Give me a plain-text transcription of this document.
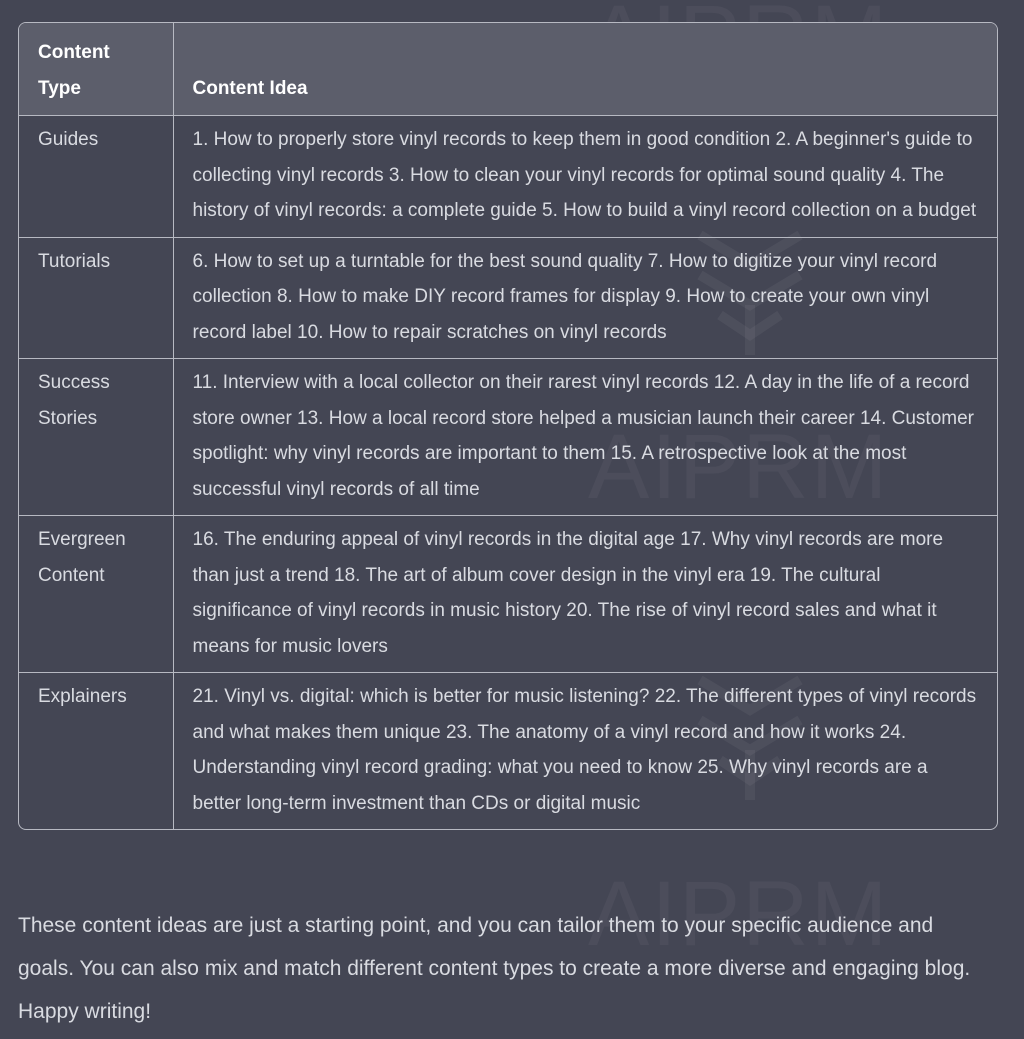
Content Type	Content Idea
Guides	1. How to properly store vinyl records to keep them in good condition 2. A beginner's guide to collecting vinyl records 3. How to clean your vinyl records for optimal sound quality 4. The history of vinyl records: a complete guide 5. How to build a vinyl record collection on a budget
Tutorials	6. How to set up a turntable for the best sound quality 7. How to digitize your vinyl record collection 8. How to make DIY record frames for display 9. How to create your own vinyl record label 10. How to repair scratches on vinyl records
Success Stories	11. Interview with a local collector on their rarest vinyl records 12. A day in the life of a record store owner 13. How a local record store helped a musician launch their career 14. Customer spotlight: why vinyl records are important to them 15. A retrospective look at the most successful vinyl records of all time
Evergreen Content	16. The enduring appeal of vinyl records in the digital age 17. Why vinyl records are more than just a trend 18. The art of album cover design in the vinyl era 19. The cultural significance of vinyl records in music history 20. The rise of vinyl record sales and what it means for music lovers
Explainers	21. Vinyl vs. digital: which is better for music listening? 22. The different types of vinyl records and what makes them unique 23. The anatomy of a vinyl record and how it works 24. Understanding vinyl record grading: what you need to know 25. Why vinyl records are a better long-term investment than CDs or digital music

These content ideas are just a starting point, and you can tailor them to your specific audience and goals. You can also mix and match different content types to create a more diverse and engaging blog. Happy writing!
